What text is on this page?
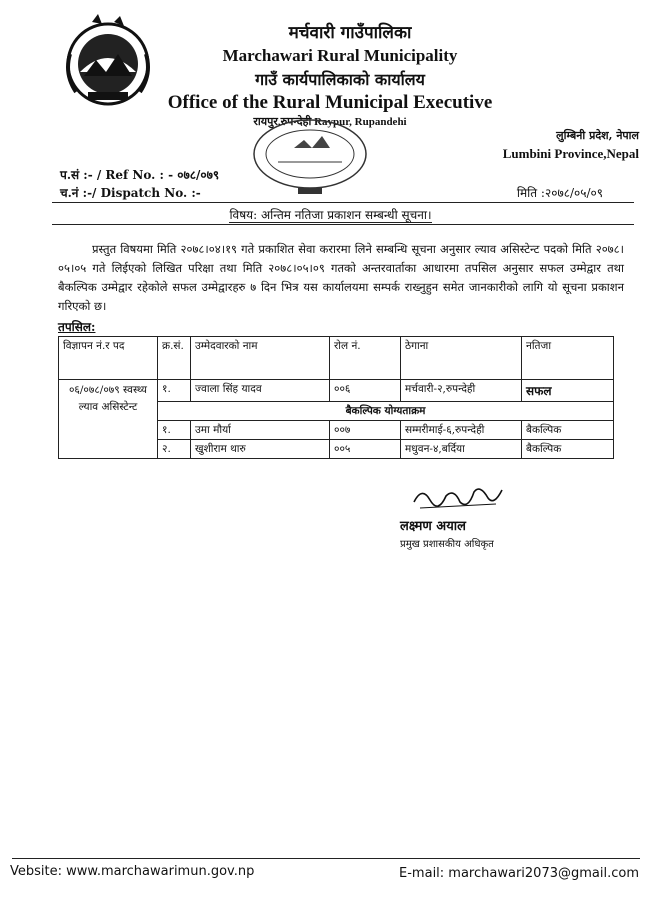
मर्चवारी गाउँपालिका
Marchawari Rural Municipality
गाउँ कार्यपालिकाको कार्यालय
Office of the Rural Municipal Executive
रायपुर,रुपन्देही Raypur, Rupandehi
लुम्बिनी प्रदेश, नेपाल
Lumbini Province,Nepal
प.सं :- / Ref No. : - ०७८/०७९
च.नं :-/ Dispatch No. :-	मिति :२०७८/०५/०९
विषय: अन्तिम नतिजा प्रकाशन सम्बन्धी सूचना।
प्रस्तुत विषयमा मिति २०७८।०४।१९ गते प्रकाशित सेवा करारमा लिने सम्बन्धि सूचना अनुसार ल्याव असिस्टेन्ट पदको मिति २०७८।०५।०५ गते लिईएको लिखित परिक्षा तथा मिति २०७८।०५।०९ गतको अन्तरवार्ताका आधारमा तपसिल अनुसार सफल उम्मेद्वार तथा बैकल्पिक उम्मेद्वार रहेकोले सफल उम्मेद्वारहरु ७ दिन भित्र यस कार्यालयमा सम्पर्क राख्नुहुन समेत जानकारीको लागि यो सूचना प्रकाशन गरिएको छ।
तपसिल:
विज्ञापन नं.र पद	क्र.सं.	उम्मेदवारको नाम	रोल नं.	ठेगाना	नतिजा
०६/०७८/०७९ स्वस्थ्य ल्याव असिस्टेन्ट	१.	ज्वाला सिंह यादव	००६	मर्चवारी-२,रुपन्देही	सफल
	बैकल्पिक योग्यताक्रम				
	१.	उमा मौर्या	००७	सम्मरीमाई-६,रुपन्देही	बैकल्पिक
	२.	खुशीराम थारु	००५	मधुवन-४,बर्दिया	बैकल्पिक
लक्ष्मण अयाल
प्रमुख प्रशासकीय अधिकृत
Vebsite: www.marchawarimun.gov.np	E-mail: marchawari2073@gmail.com
